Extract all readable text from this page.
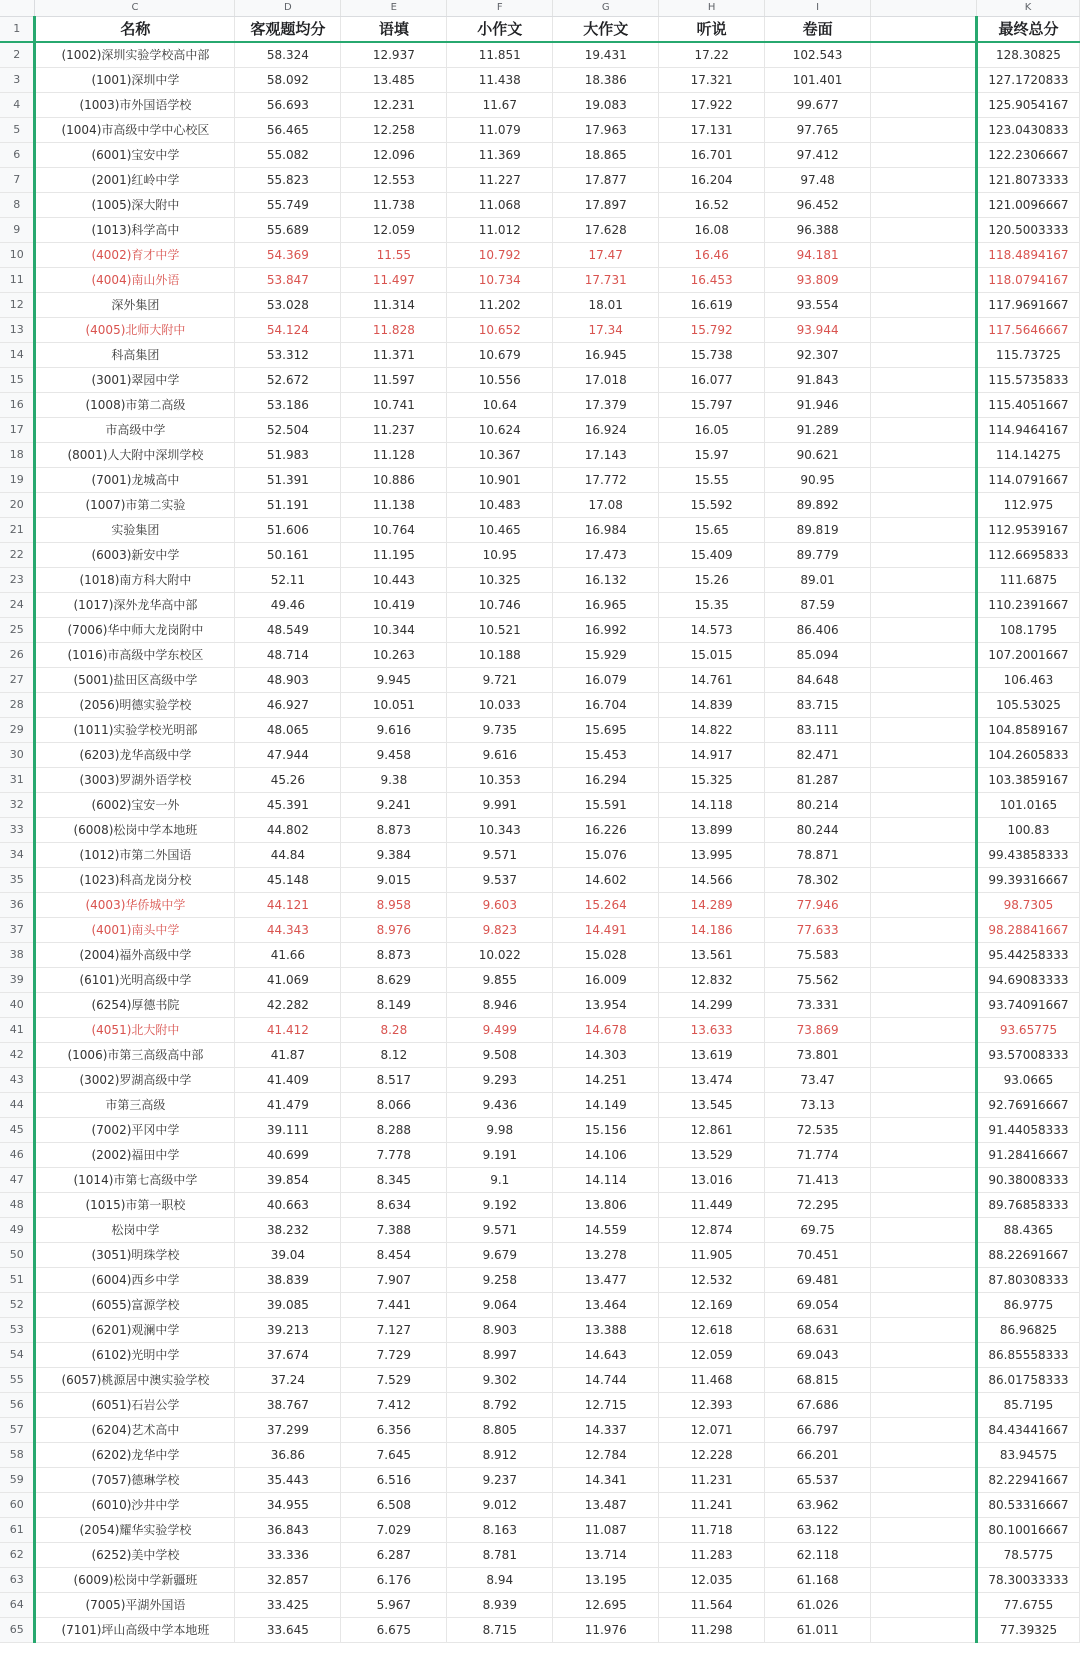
	C	D	E	F	G	H	I		K
1	名称	客观题均分	语填	小作文	大作文	听说	卷面		最终总分
2	(1002)深圳实验学校高中部	58.324	12.937	11.851	19.431	17.22	102.543		128.30825
3	(1001)深圳中学	58.092	13.485	11.438	18.386	17.321	101.401		127.1720833
4	(1003)市外国语学校	56.693	12.231	11.67	19.083	17.922	99.677		125.9054167
5	(1004)市高级中学中心校区	56.465	12.258	11.079	17.963	17.131	97.765		123.0430833
6	(6001)宝安中学	55.082	12.096	11.369	18.865	16.701	97.412		122.2306667
7	(2001)红岭中学	55.823	12.553	11.227	17.877	16.204	97.48		121.8073333
8	(1005)深大附中	55.749	11.738	11.068	17.897	16.52	96.452		121.0096667
9	(1013)科学高中	55.689	12.059	11.012	17.628	16.08	96.388		120.5003333
10	(4002)育才中学	54.369	11.55	10.792	17.47	16.46	94.181		118.4894167
11	(4004)南山外语	53.847	11.497	10.734	17.731	16.453	93.809		118.0794167
12	深外集团	53.028	11.314	11.202	18.01	16.619	93.554		117.9691667
13	(4005)北师大附中	54.124	11.828	10.652	17.34	15.792	93.944		117.5646667
14	科高集团	53.312	11.371	10.679	16.945	15.738	92.307		115.73725
15	(3001)翠园中学	52.672	11.597	10.556	17.018	16.077	91.843		115.5735833
16	(1008)市第二高级	53.186	10.741	10.64	17.379	15.797	91.946		115.4051667
17	市高级中学	52.504	11.237	10.624	16.924	16.05	91.289		114.9464167
18	(8001)人大附中深圳学校	51.983	11.128	10.367	17.143	15.97	90.621		114.14275
19	(7001)龙城高中	51.391	10.886	10.901	17.772	15.55	90.95		114.0791667
20	(1007)市第二实验	51.191	11.138	10.483	17.08	15.592	89.892		112.975
21	实验集团	51.606	10.764	10.465	16.984	15.65	89.819		112.9539167
22	(6003)新安中学	50.161	11.195	10.95	17.473	15.409	89.779		112.6695833
23	(1018)南方科大附中	52.11	10.443	10.325	16.132	15.26	89.01		111.6875
24	(1017)深外龙华高中部	49.46	10.419	10.746	16.965	15.35	87.59		110.2391667
25	(7006)华中师大龙岗附中	48.549	10.344	10.521	16.992	14.573	86.406		108.1795
26	(1016)市高级中学东校区	48.714	10.263	10.188	15.929	15.015	85.094		107.2001667
27	(5001)盐田区高级中学	48.903	9.945	9.721	16.079	14.761	84.648		106.463
28	(2056)明德实验学校	46.927	10.051	10.033	16.704	14.839	83.715		105.53025
29	(1011)实验学校光明部	48.065	9.616	9.735	15.695	14.822	83.111		104.8589167
30	(6203)龙华高级中学	47.944	9.458	9.616	15.453	14.917	82.471		104.2605833
31	(3003)罗湖外语学校	45.26	9.38	10.353	16.294	15.325	81.287		103.3859167
32	(6002)宝安一外	45.391	9.241	9.991	15.591	14.118	80.214		101.0165
33	(6008)松岗中学本地班	44.802	8.873	10.343	16.226	13.899	80.244		100.83
34	(1012)市第二外国语	44.84	9.384	9.571	15.076	13.995	78.871		99.43858333
35	(1023)科高龙岗分校	45.148	9.015	9.537	14.602	14.566	78.302		99.39316667
36	(4003)华侨城中学	44.121	8.958	9.603	15.264	14.289	77.946		98.7305
37	(4001)南头中学	44.343	8.976	9.823	14.491	14.186	77.633		98.28841667
38	(2004)福外高级中学	41.66	8.873	10.022	15.028	13.561	75.583		95.44258333
39	(6101)光明高级中学	41.069	8.629	9.855	16.009	12.832	75.562		94.69083333
40	(6254)厚德书院	42.282	8.149	8.946	13.954	14.299	73.331		93.74091667
41	(4051)北大附中	41.412	8.28	9.499	14.678	13.633	73.869		93.65775
42	(1006)市第三高级高中部	41.87	8.12	9.508	14.303	13.619	73.801		93.57008333
43	(3002)罗湖高级中学	41.409	8.517	9.293	14.251	13.474	73.47		93.0665
44	市第三高级	41.479	8.066	9.436	14.149	13.545	73.13		92.76916667
45	(7002)平冈中学	39.111	8.288	9.98	15.156	12.861	72.535		91.44058333
46	(2002)福田中学	40.699	7.778	9.191	14.106	13.529	71.774		91.28416667
47	(1014)市第七高级中学	39.854	8.345	9.1	14.114	13.016	71.413		90.38008333
48	(1015)市第一职校	40.663	8.634	9.192	13.806	11.449	72.295		89.76858333
49	松岗中学	38.232	7.388	9.571	14.559	12.874	69.75		88.4365
50	(3051)明珠学校	39.04	8.454	9.679	13.278	11.905	70.451		88.22691667
51	(6004)西乡中学	38.839	7.907	9.258	13.477	12.532	69.481		87.80308333
52	(6055)富源学校	39.085	7.441	9.064	13.464	12.169	69.054		86.9775
53	(6201)观澜中学	39.213	7.127	8.903	13.388	12.618	68.631		86.96825
54	(6102)光明中学	37.674	7.729	8.997	14.643	12.059	69.043		86.85558333
55	(6057)桃源居中澳实验学校	37.24	7.529	9.302	14.744	11.468	68.815		86.01758333
56	(6051)石岩公学	38.767	7.412	8.792	12.715	12.393	67.686		85.7195
57	(6204)艺术高中	37.299	6.356	8.805	14.337	12.071	66.797		84.43441667
58	(6202)龙华中学	36.86	7.645	8.912	12.784	12.228	66.201		83.94575
59	(7057)德琳学校	35.443	6.516	9.237	14.341	11.231	65.537		82.22941667
60	(6010)沙井中学	34.955	6.508	9.012	13.487	11.241	63.962		80.53316667
61	(2054)耀华实验学校	36.843	7.029	8.163	11.087	11.718	63.122		80.10016667
62	(6252)美中学校	33.336	6.287	8.781	13.714	11.283	62.118		78.5775
63	(6009)松岗中学新疆班	32.857	6.176	8.94	13.195	12.035	61.168		78.30033333
64	(7005)平湖外国语	33.425	5.967	8.939	12.695	11.564	61.026		77.6755
65	(7101)坪山高级中学本地班	33.645	6.675	8.715	11.976	11.298	61.011		77.39325
